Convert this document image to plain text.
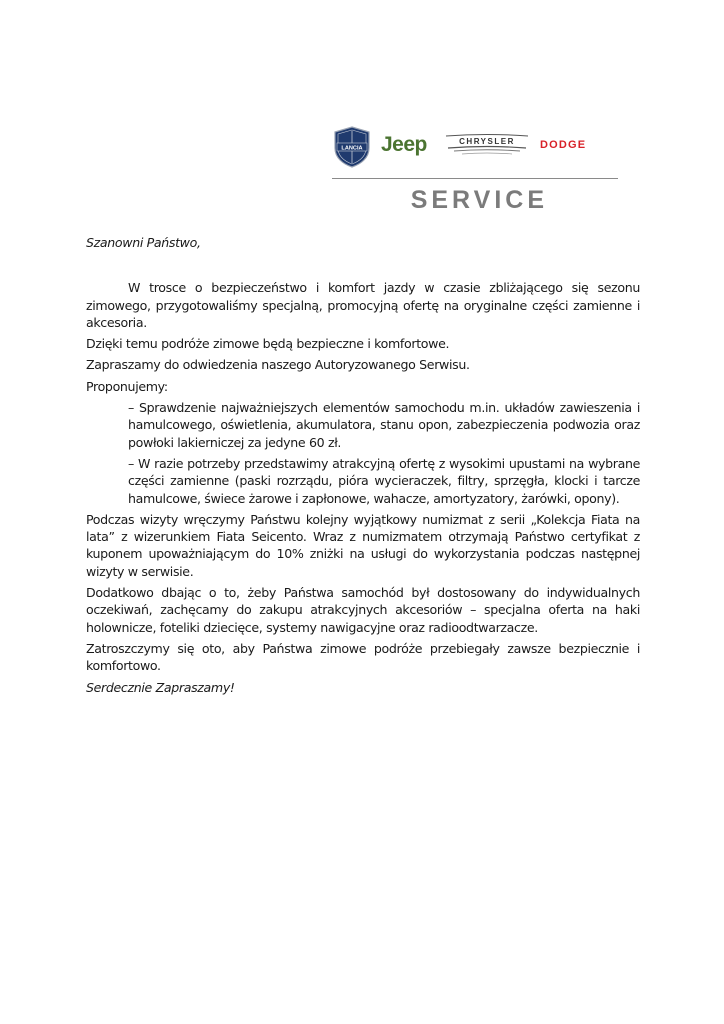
LANCIA Jeep	CHRYSLER	DODGE
SERVICE

Szanowni Państwo,

W trosce o bezpieczeństwo i komfort jazdy w czasie zbliżającego się sezonu zimowego, przygotowaliśmy specjalną, promocyjną ofertę na oryginalne części zamienne i akcesoria.

Dzięki temu podróże zimowe będą bezpieczne i komfortowe.

Zapraszamy do odwiedzenia naszego Autoryzowanego Serwisu.

Proponujemy:

– Sprawdzenie najważniejszych elementów samochodu m.in. układów zawieszenia i hamulcowego, oświetlenia, akumulatora, stanu opon, zabezpieczenia podwozia oraz powłoki lakierniczej za jedyne 60 zł.
– W razie potrzeby przedstawimy atrakcyjną ofertę z wysokimi upustami na wybrane części zamienne (paski rozrządu, pióra wycieraczek, filtry, sprzęgła, klocki i tarcze hamulcowe, świece żarowe i zapłonowe, wahacze, amortyzatory, żarówki, opony).

Podczas wizyty wręczymy Państwu kolejny wyjątkowy numizmat z serii „Kolekcja Fiata na lata” z wizerunkiem Fiata Seicento. Wraz z numizmatem otrzymają Państwo certyfikat z kuponem upoważniającym do 10% zniżki na usługi do wykorzystania podczas następnej wizyty w serwisie.

Dodatkowo dbając o to, żeby Państwa samochód był dostosowany do indywidualnych oczekiwań, zachęcamy do zakupu atrakcyjnych akcesoriów – specjalna oferta na haki holownicze, foteliki dziecięce, systemy nawigacyjne oraz radioodtwarzacze.

Zatroszczymy się oto, aby Państwa zimowe podróże przebiegały zawsze bezpiecznie i komfortowo.

Serdecznie Zapraszamy!
